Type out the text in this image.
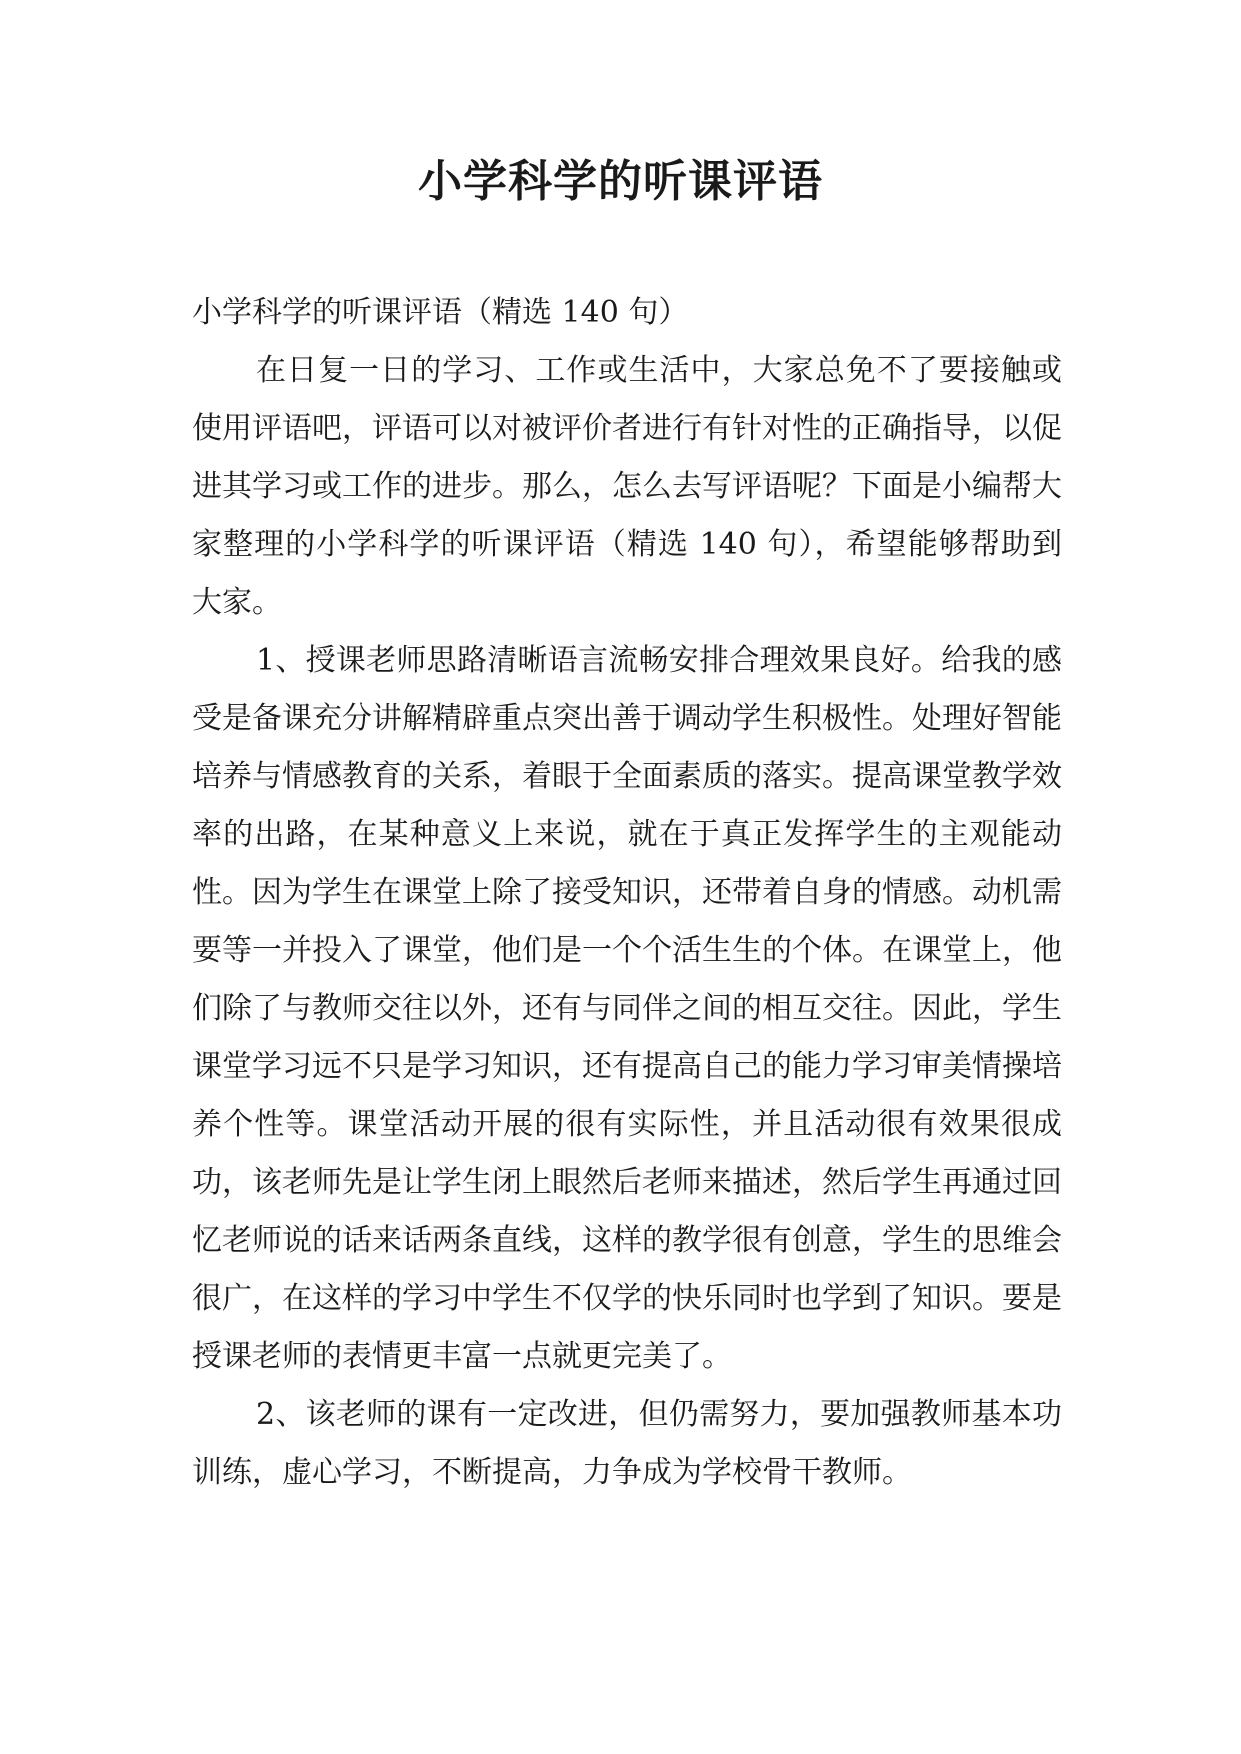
小学科学的听课评语

小学科学的听课评语（精选 140 句）

在日复一日的学习、工作或生活中，大家总免不了要接触或使用评语吧，评语可以对被评价者进行有针对性的正确指导，以促进其学习或工作的进步。那么，怎么去写评语呢？下面是小编帮大家整理的小学科学的听课评语（精选 140 句），希望能够帮助到大家。

1、授课老师思路清晰语言流畅安排合理效果良好。给我的感受是备课充分讲解精辟重点突出善于调动学生积极性。处理好智能培养与情感教育的关系，着眼于全面素质的落实。提高课堂教学效率的出路，在某种意义上来说，就在于真正发挥学生的主观能动性。因为学生在课堂上除了接受知识，还带着自身的情感。动机需要等一并投入了课堂，他们是一个个活生生的个体。在课堂上，他们除了与教师交往以外，还有与同伴之间的相互交往。因此，学生课堂学习远不只是学习知识，还有提高自己的能力学习审美情操培养个性等。课堂活动开展的很有实际性，并且活动很有效果很成功，该老师先是让学生闭上眼然后老师来描述，然后学生再通过回忆老师说的话来话两条直线，这样的教学很有创意，学生的思维会很广，在这样的学习中学生不仅学的快乐同时也学到了知识。要是授课老师的表情更丰富一点就更完美了。

2、该老师的课有一定改进，但仍需努力，要加强教师基本功训练，虚心学习，不断提高，力争成为学校骨干教师。
